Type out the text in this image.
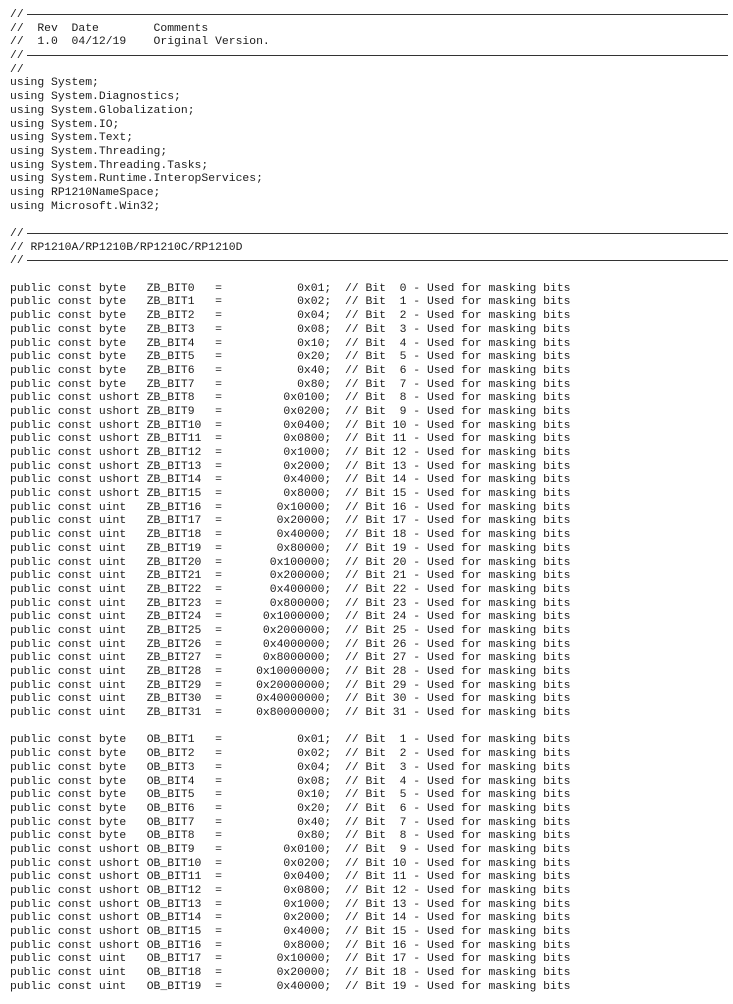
//
//  Rev  Date        Comments
//  1.0  04/12/19    Original Version.
//
//
using System;
using System.Diagnostics;
using System.Globalization;
using System.IO;
using System.Text;
using System.Threading;
using System.Threading.Tasks;
using System.Runtime.InteropServices;
using RP1210NameSpace;
using Microsoft.Win32;
//
// RP1210A/RP1210B/RP1210C/RP1210D
//
public const byte   ZB_BIT0   =           0x01;  // Bit  0 - Used for masking bits
public const byte   ZB_BIT1   =           0x02;  // Bit  1 - Used for masking bits
public const byte   ZB_BIT2   =           0x04;  // Bit  2 - Used for masking bits
public const byte   ZB_BIT3   =           0x08;  // Bit  3 - Used for masking bits
public const byte   ZB_BIT4   =           0x10;  // Bit  4 - Used for masking bits
public const byte   ZB_BIT5   =           0x20;  // Bit  5 - Used for masking bits
public const byte   ZB_BIT6   =           0x40;  // Bit  6 - Used for masking bits
public const byte   ZB_BIT7   =           0x80;  // Bit  7 - Used for masking bits
public const ushort ZB_BIT8   =         0x0100;  // Bit  8 - Used for masking bits
public const ushort ZB_BIT9   =         0x0200;  // Bit  9 - Used for masking bits
public const ushort ZB_BIT10  =         0x0400;  // Bit 10 - Used for masking bits
public const ushort ZB_BIT11  =         0x0800;  // Bit 11 - Used for masking bits
public const ushort ZB_BIT12  =         0x1000;  // Bit 12 - Used for masking bits
public const ushort ZB_BIT13  =         0x2000;  // Bit 13 - Used for masking bits
public const ushort ZB_BIT14  =         0x4000;  // Bit 14 - Used for masking bits
public const ushort ZB_BIT15  =         0x8000;  // Bit 15 - Used for masking bits
public const uint   ZB_BIT16  =        0x10000;  // Bit 16 - Used for masking bits
public const uint   ZB_BIT17  =        0x20000;  // Bit 17 - Used for masking bits
public const uint   ZB_BIT18  =        0x40000;  // Bit 18 - Used for masking bits
public const uint   ZB_BIT19  =        0x80000;  // Bit 19 - Used for masking bits
public const uint   ZB_BIT20  =       0x100000;  // Bit 20 - Used for masking bits
public const uint   ZB_BIT21  =       0x200000;  // Bit 21 - Used for masking bits
public const uint   ZB_BIT22  =       0x400000;  // Bit 22 - Used for masking bits
public const uint   ZB_BIT23  =       0x800000;  // Bit 23 - Used for masking bits
public const uint   ZB_BIT24  =      0x1000000;  // Bit 24 - Used for masking bits
public const uint   ZB_BIT25  =      0x2000000;  // Bit 25 - Used for masking bits
public const uint   ZB_BIT26  =      0x4000000;  // Bit 26 - Used for masking bits
public const uint   ZB_BIT27  =      0x8000000;  // Bit 27 - Used for masking bits
public const uint   ZB_BIT28  =     0x10000000;  // Bit 28 - Used for masking bits
public const uint   ZB_BIT29  =     0x20000000;  // Bit 29 - Used for masking bits
public const uint   ZB_BIT30  =     0x40000000;  // Bit 30 - Used for masking bits
public const uint   ZB_BIT31  =     0x80000000;  // Bit 31 - Used for masking bits
public const byte   OB_BIT1   =           0x01;  // Bit  1 - Used for masking bits
public const byte   OB_BIT2   =           0x02;  // Bit  2 - Used for masking bits
public const byte   OB_BIT3   =           0x04;  // Bit  3 - Used for masking bits
public const byte   OB_BIT4   =           0x08;  // Bit  4 - Used for masking bits
public const byte   OB_BIT5   =           0x10;  // Bit  5 - Used for masking bits
public const byte   OB_BIT6   =           0x20;  // Bit  6 - Used for masking bits
public const byte   OB_BIT7   =           0x40;  // Bit  7 - Used for masking bits
public const byte   OB_BIT8   =           0x80;  // Bit  8 - Used for masking bits
public const ushort OB_BIT9   =         0x0100;  // Bit  9 - Used for masking bits
public const ushort OB_BIT10  =         0x0200;  // Bit 10 - Used for masking bits
public const ushort OB_BIT11  =         0x0400;  // Bit 11 - Used for masking bits
public const ushort OB_BIT12  =         0x0800;  // Bit 12 - Used for masking bits
public const ushort OB_BIT13  =         0x1000;  // Bit 13 - Used for masking bits
public const ushort OB_BIT14  =         0x2000;  // Bit 14 - Used for masking bits
public const ushort OB_BIT15  =         0x4000;  // Bit 15 - Used for masking bits
public const ushort OB_BIT16  =         0x8000;  // Bit 16 - Used for masking bits
public const uint   OB_BIT17  =        0x10000;  // Bit 17 - Used for masking bits
public const uint   OB_BIT18  =        0x20000;  // Bit 18 - Used for masking bits
public const uint   OB_BIT19  =        0x40000;  // Bit 19 - Used for masking bits
